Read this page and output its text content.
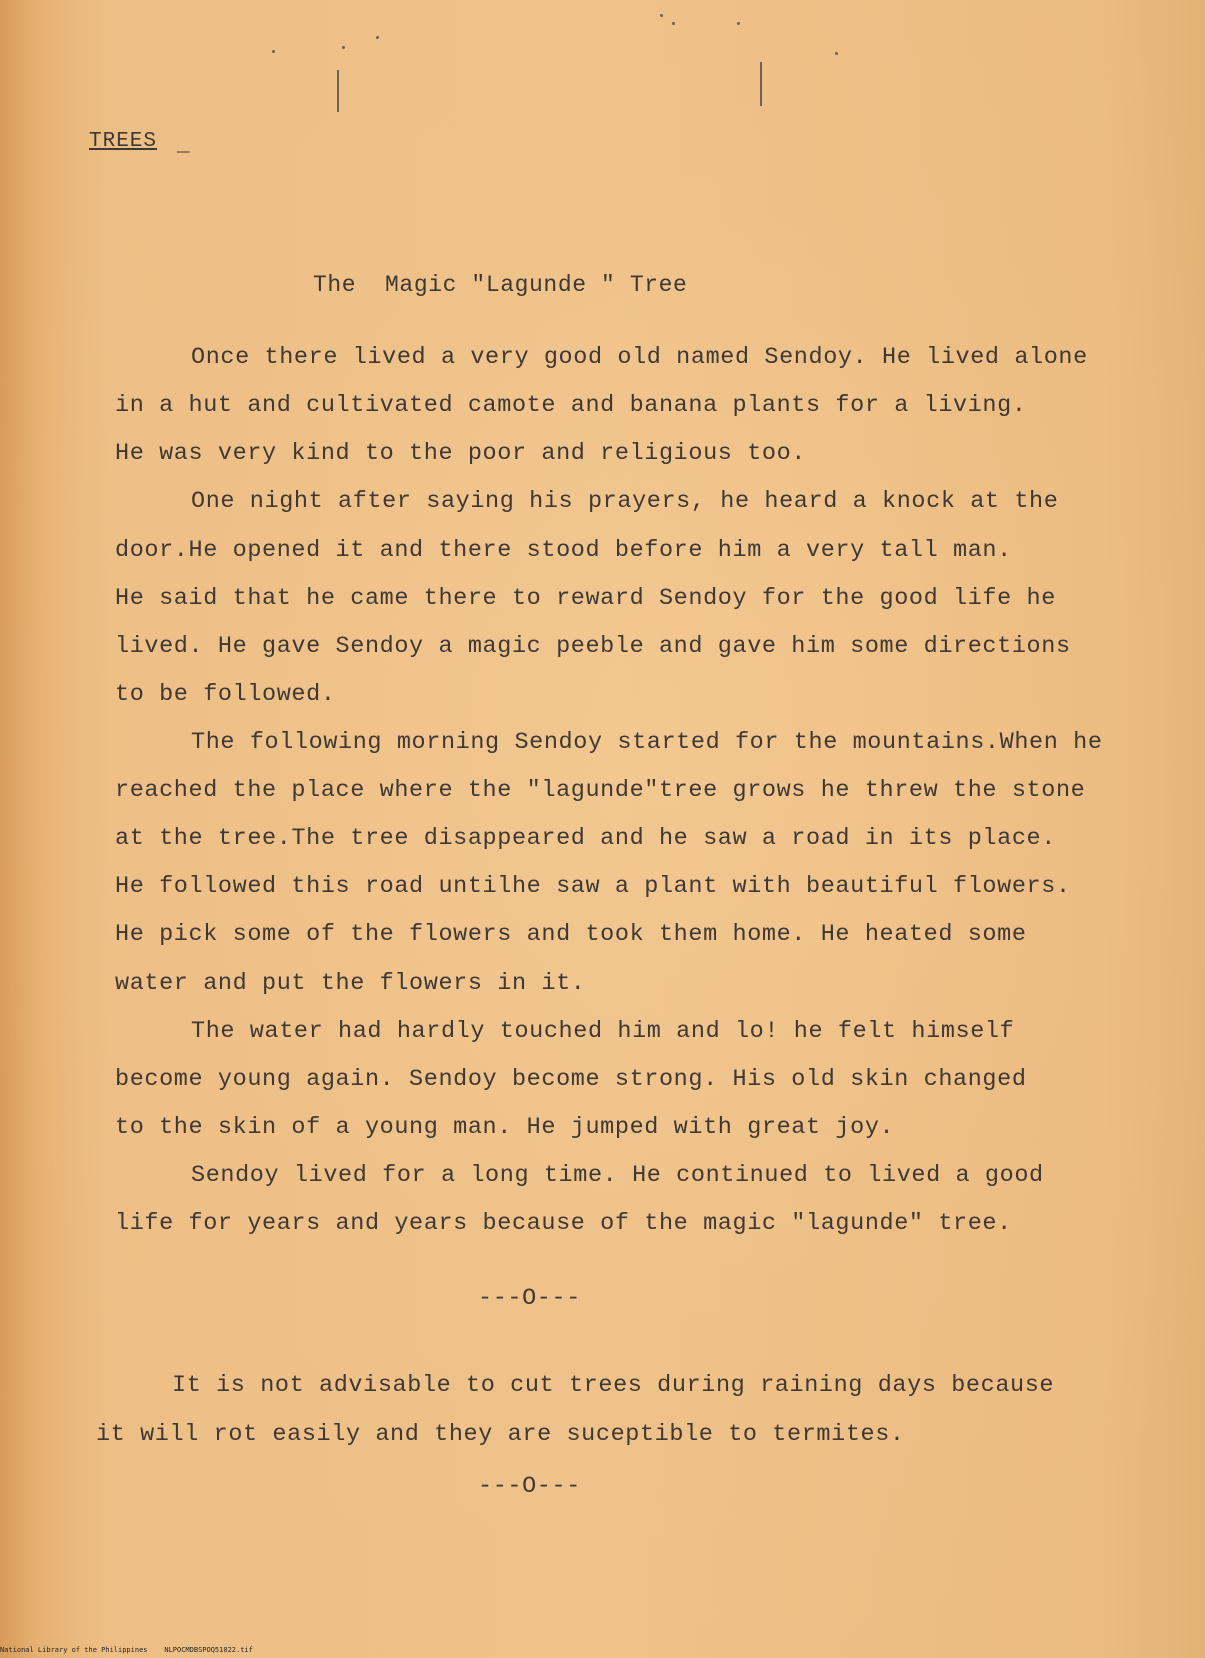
TREES _
The  Magic "Lagunde " Tree
Once there lived a very good old named Sendoy. He lived alone
in a hut and cultivated camote and banana plants for a living.
He was very kind to the poor and religious too.
One night after saying his prayers, he heard a knock at the
door.He opened it and there stood before him a very tall man.
He said that he came there to reward Sendoy for the good life he
lived. He gave Sendoy a magic peeble and gave him some directions
to be followed.
The following morning Sendoy started for the mountains.When he
reached the place where the "lagunde"tree grows he threw the stone
at the tree.The tree disappeared and he saw a road in its place.
He followed this road untilhe saw a plant with beautiful flowers.
He pick some of the flowers and took them home. He heated some
water and put the flowers in it.
The water had hardly touched him and lo! he felt himself
become young again. Sendoy become strong. His old skin changed
to the skin of a young man. He jumped with great joy.
Sendoy lived for a long time. He continued to lived a good
life for years and years because of the magic "lagunde" tree.
---O---
It is not advisable to cut trees during raining days because
it will rot easily and they are suceptible to termites.
---O---
National Library of the Philippines    NLPOCMDBSPOQ51022.tif
